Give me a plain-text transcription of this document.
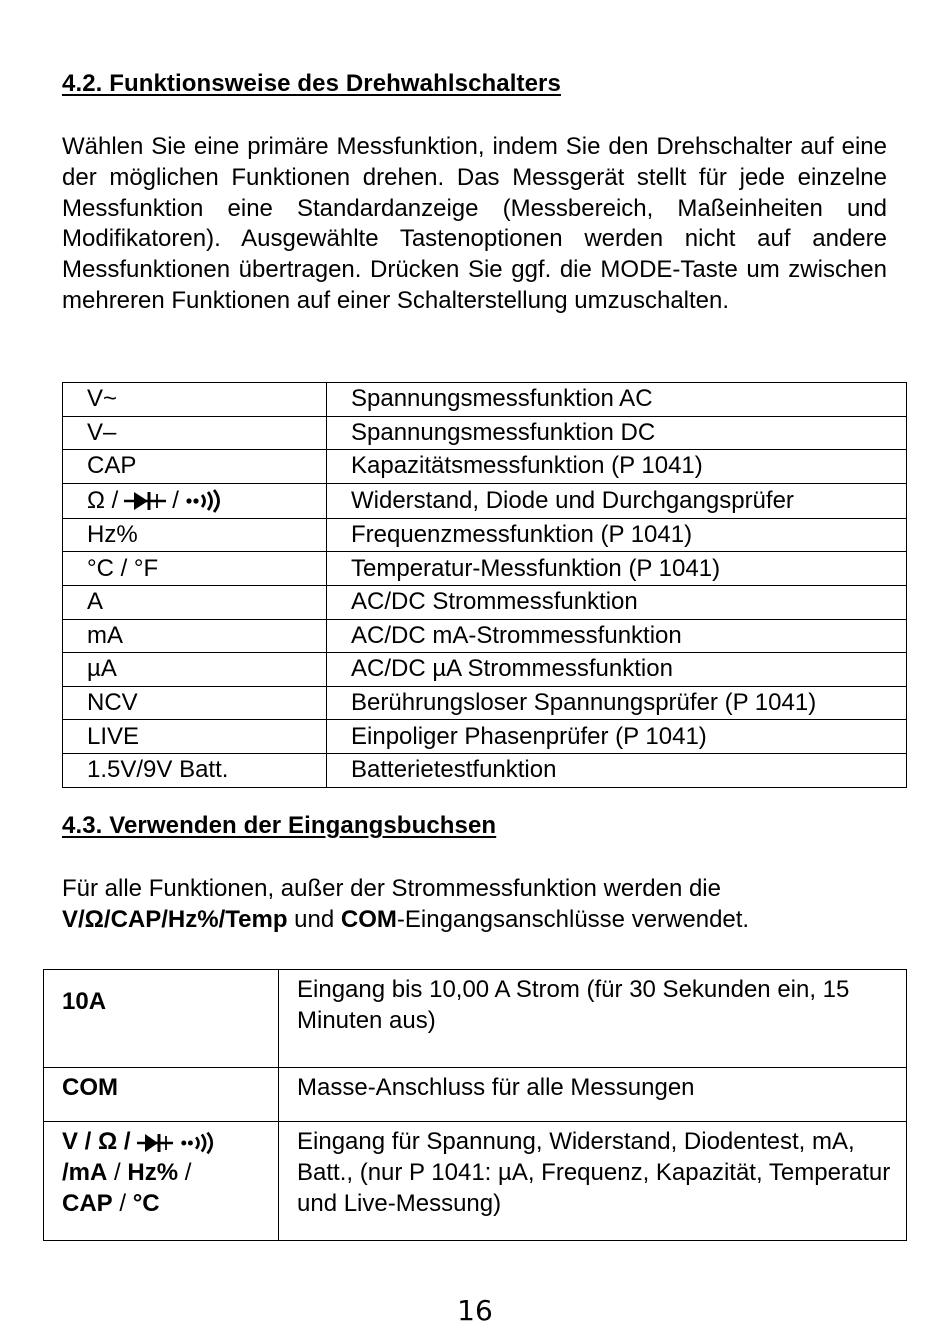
4.2. Funktionsweise des Drehwahlschalters

Wählen Sie eine primäre Messfunktion, indem Sie den Drehschalter auf eine der möglichen Funktionen drehen. Das Messgerät stellt für jede einzelne Messfunktion eine Standardanzeige (Messbereich, Maßeinheiten und Modifikatoren). Ausgewählte Tastenoptionen werden nicht auf andere Messfunktionen übertragen. Drücken Sie ggf. die MODE-Taste um zwischen mehreren Funktionen auf einer Schalterstellung umzuschalten.

V~	Spannungsmessfunktion AC
V–	Spannungsmessfunktion DC
CAP	Kapazitätsmessfunktion (P 1041)

Ω / /	Widerstand, Diode und Durchgangsprüfer
Hz%	Frequenzmessfunktion (P 1041)
°C / °F	Temperatur-Messfunktion (P 1041)
A	AC/DC Strommessfunktion
mA	AC/DC mA-Strommessfunktion
µA	AC/DC µA Strommessfunktion
NCV	Berührungsloser Spannungsprüfer (P 1041)
LIVE	Einpoliger Phasenprüfer (P 1041)
1.5V/9V Batt.	Batterietestfunktion
4.3. Verwenden der Eingangsbuchsen

Für alle Funktionen, außer der Strommessfunktion werden die
V/Ω/CAP/Hz%/Temp und COM-Eingangsanschlüsse verwendet.

10A	Eingang bis 10,00 A Strom (für 30 Sekunden ein, 15 Minuten aus)
COM	Masse-Anschluss für alle Messungen
V / Ω /
/mA / Hz% /
CAP / °C	Eingang für Spannung, Widerstand, Diodentest, mA, Batt., (nur P 1041: µA, Frequenz, Kapazität, Temperatur und Live-Messung)
16
